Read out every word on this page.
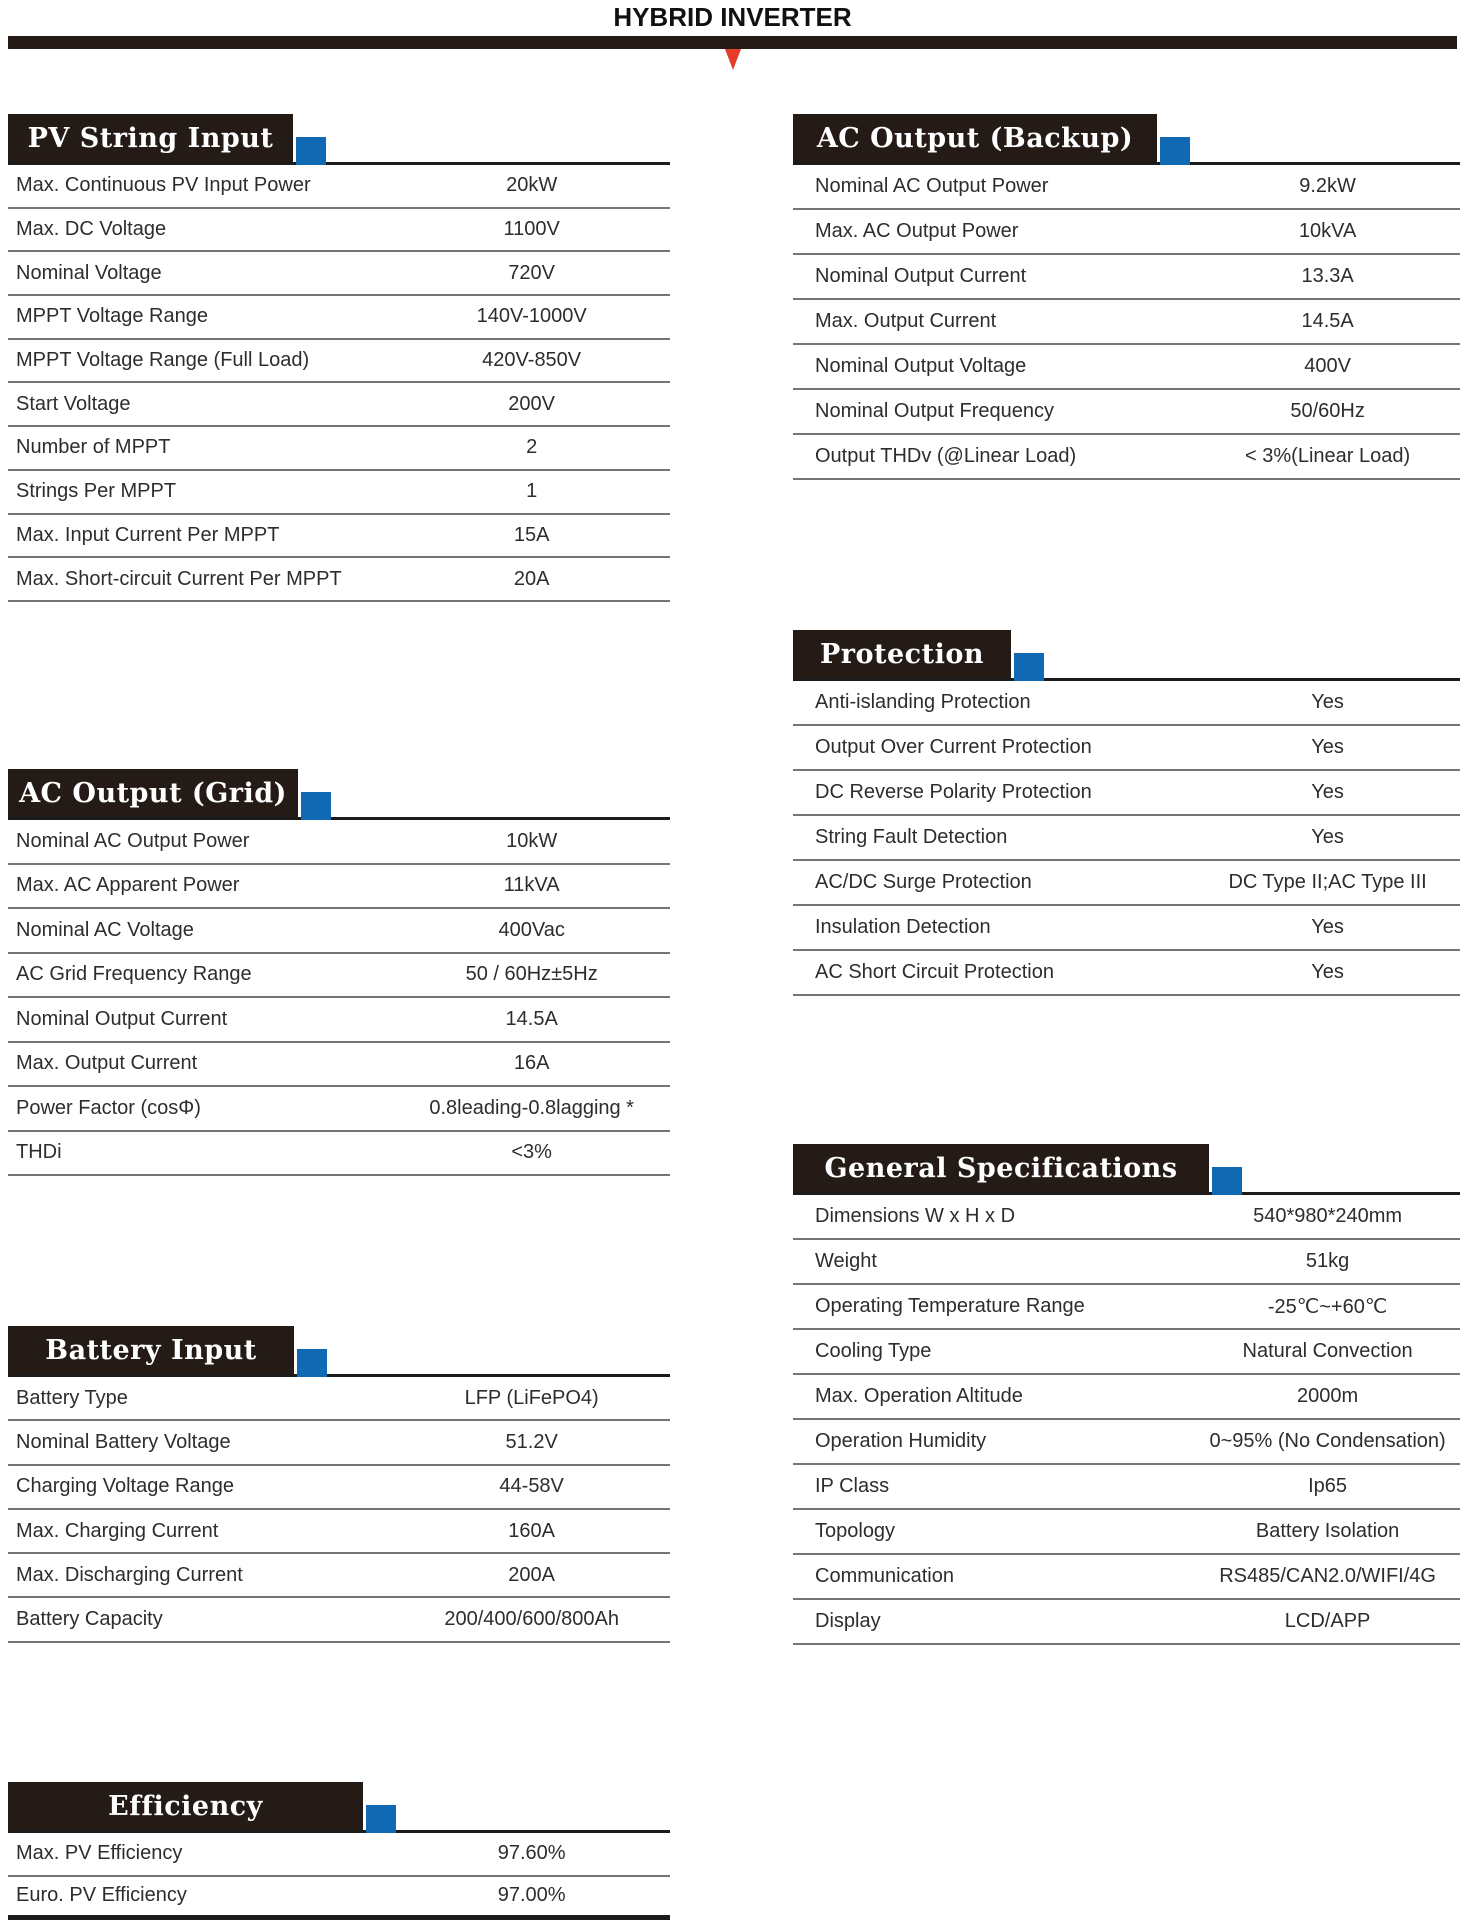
HYBRID INVERTER
PV String Input
Max. Continuous PV Input Power	20kW
Max. DC Voltage	1100V
Nominal Voltage	720V
MPPT Voltage Range	140V-1000V
MPPT Voltage Range (Full Load)	420V-850V
Start Voltage	200V
Number of MPPT	2
Strings Per MPPT	1
Max. Input Current Per MPPT	15A
Max. Short-circuit Current Per MPPT	20A
AC Output (Grid)
Nominal AC Output Power	10kW
Max. AC Apparent Power	11kVA
Nominal AC Voltage	400Vac
AC Grid Frequency Range	50 / 60Hz±5Hz
Nominal Output Current	14.5A
Max. Output Current	16A
Power Factor (cosΦ)	0.8leading-0.8lagging *
THDi	<3%
Battery Input
Battery Type	LFP (LiFePO4)
Nominal Battery Voltage	51.2V
Charging Voltage Range	44-58V
Max. Charging Current	160A
Max. Discharging Current	200A
Battery Capacity	200/400/600/800Ah
Efficiency
Max. PV Efficiency	97.60%
Euro. PV Efficiency	97.00%
AC Output (Backup)
Nominal AC Output Power	9.2kW
Max. AC Output Power	10kVA
Nominal Output Current	13.3A
Max. Output Current	14.5A
Nominal Output Voltage	400V
Nominal Output Frequency	50/60Hz
Output THDv (@Linear Load)	< 3%(Linear Load)
Protection
Anti-islanding Protection	Yes
Output Over Current Protection	Yes
DC Reverse Polarity Protection	Yes
String Fault Detection	Yes
AC/DC Surge Protection	DC Type II;AC Type III
Insulation Detection	Yes
AC Short Circuit Protection	Yes
General Specifications
Dimensions W x H x D	540*980*240mm
Weight	51kg
Operating Temperature Range	-25℃~+60℃
Cooling Type	Natural Convection
Max. Operation Altitude	2000m
Operation Humidity	0~95% (No Condensation)
IP Class	Ip65
Topology	Battery Isolation
Communication	RS485/CAN2.0/WIFI/4G
Display	LCD/APP
